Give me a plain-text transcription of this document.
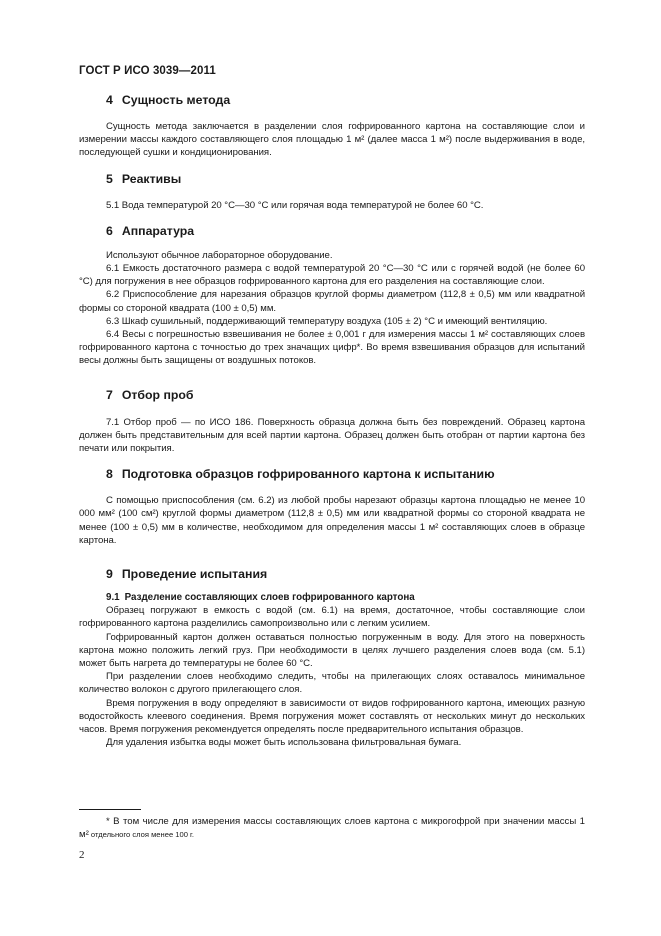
ГОСТ Р ИСО 3039—2011
4 Сущность метода

Сущность метода заключается в разделении слоя гофрированного картона на составляющие слои и измерении массы каждого составляющего слоя площадью 1 м² (далее масса 1 м²) после выдерживания в воде, последующей сушки и кондиционирования.

5 Реактивы

5.1 Вода температурой 20 °С—30 °С или горячая вода температурой не более 60 °С.

6 Аппаратура

Используют обычное лабораторное оборудование.

6.1 Емкость достаточного размера с водой температурой 20 °С—30 °С или с горячей водой (не более 60 °С) для погружения в нее образцов гофрированного картона для его разделения на составляющие слои.

6.2 Приспособление для нарезания образцов круглой формы диаметром (112,8 ± 0,5) мм или квадратной формы со стороной квадрата (100 ± 0,5) мм.

6.3 Шкаф сушильный, поддерживающий температуру воздуха (105 ± 2) °С и имеющий вентиляцию.

6.4 Весы с погрешностью взвешивания не более ± 0,001 г для измерения массы 1 м² составляющих слоев гофрированного картона с точностью до трех значащих цифр*. Во время взвешивания образцов для испытаний весы должны быть защищены от воздушных потоков.

7 Отбор проб

7.1 Отбор проб — по ИСО 186. Поверхность образца должна быть без повреждений. Образец картона должен быть представительным для всей партии картона. Образец должен быть отобран от партии картона без печати или покрытия.

8 Подготовка образцов гофрированного картона к испытанию

С помощью приспособления (см. 6.2) из любой пробы нарезают образцы картона площадью не менее 10 000 мм² (100 см²) круглой формы диаметром (112,8 ± 0,5) мм или квадратной формы со стороной квадрата не менее (100 ± 0,5) мм в количестве, необходимом для определения массы 1 м² составляющих слоев в образце картона.

9 Проведение испытания
9.1 Разделение составляющих слоев гофрированного картона

Образец погружают в емкость с водой (см. 6.1) на время, достаточное, чтобы составляющие слои гофрированного картона разделились самопроизвольно или с легким усилием.

Гофрированный картон должен оставаться полностью погруженным в воду. Для этого на поверхность картона можно положить легкий груз. При необходимости в целях лучшего разделения слоев вода (см. 5.1) может быть нагрета до температуры не более 60 °С.

При разделении слоев необходимо следить, чтобы на прилегающих слоях оставалось минимальное количество волокон с другого прилегающего слоя.

Время погружения в воду определяют в зависимости от видов гофрированного картона, имеющих разную водостойкость клеевого соединения. Время погружения может составлять от нескольких минут до нескольких часов. Время погружения рекомендуется определять после предварительного испытания образцов.

Для удаления избытка воды может быть использована фильтровальная бумага.

* В том числе для измерения массы составляющих слоев картона с микрогофрой при значении массы 1 м² отдельного слоя менее 100 г.

2
